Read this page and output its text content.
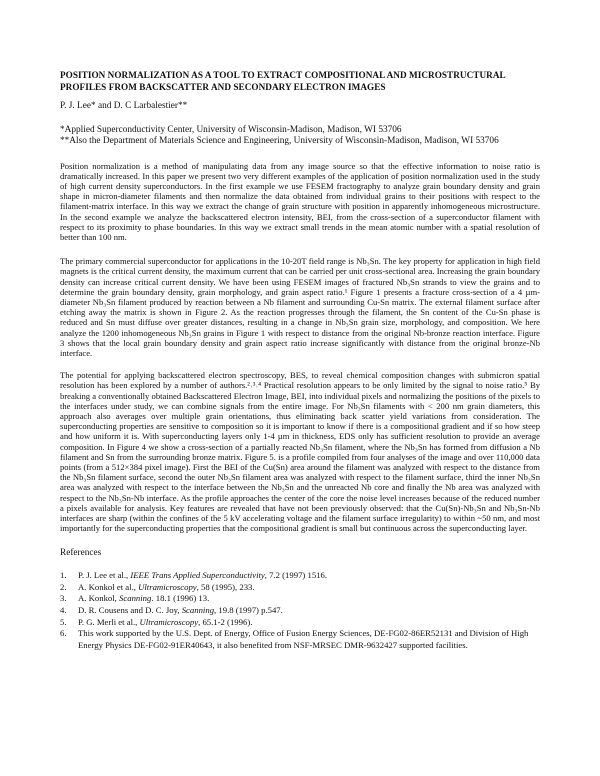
POSITION NORMALIZATION AS A TOOL TO EXTRACT COMPOSITIONAL AND MICROSTRUCTURAL PROFILES FROM BACKSCATTER AND SECONDARY ELECTRON IMAGES
P. J. Lee* and D. C Larbalestier**
*Applied Superconductivity Center, University of Wisconsin-Madison, Madison, WI 53706
**Also the Department of Materials Science and Engineering, University of Wisconsin-Madison, Madison, WI 53706
Position normalization is a method of manipulating data from any image source so that the effective information to noise ratio is dramatically increased. In this paper we present two very different examples of the application of position normalization used in the study of high current density superconductors. In the first example we use FESEM fractography to analyze grain boundary density and grain shape in micron-diameter filaments and then normalize the data obtained from individual grains to their positions with respect to the filament-matrix interface. In this way we extract the change of grain structure with position in apparently inhomogeneous microstructure. In the second example we analyze the backscattered electron intensity, BEI, from the cross-section of a superconductor filament with respect to its proximity to phase boundaries. In this way we extract small trends in the mean atomic number with a spatial resolution of better than 100 nm.

The primary commercial superconductor for applications in the 10-20T field range is Nb₃Sn. The key property for application in high field magnets is the critical current density, the maximum current that can be carried per unit cross-sectional area. Increasing the grain boundary density can increase critical current density. We have been using FESEM images of fractured Nb₃Sn strands to view the grains and to determine the grain boundary density, grain morphology, and grain aspect ratio.¹ Figure 1 presents a fracture cross-section of a 4 µm-diameter Nb₃Sn filament produced by reaction between a Nb filament and surrounding Cu-Sn matrix. The external filament surface after etching away the matrix is shown in Figure 2. As the reaction progresses through the filament, the Sn content of the Cu-Sn phase is reduced and Sn must diffuse over greater distances, resulting in a change in Nb₃Sn grain size, morphology, and composition. We here analyze the 1200 inhomogeneous Nb₃Sn grains in Figure 1 with respect to distance from the original Nb-bronze reaction interface. Figure 3 shows that the local grain boundary density and grain aspect ratio increase significantly with distance from the original bronze-Nb interface.

The potential for applying backscattered electron spectroscopy, BES, to reveal chemical composition changes with submicron spatial resolution has been explored by a number of authors.²˒³˒⁴ Practical resolution appears to be only limited by the signal to noise ratio.⁵ By breaking a conventionally obtained Backscattered Electron Image, BEI, into individual pixels and normalizing the positions of the pixels to the interfaces under study, we can combine signals from the entire image. For Nb₃Sn filaments with < 200 nm grain diameters, this approach also averages over multiple grain orientations, thus eliminating back scatter yield variations from consideration. The superconducting properties are sensitive to composition so it is important to know if there is a compositional gradient and if so how steep and how uniform it is. With superconducting layers only 1-4 µm in thickness, EDS only has sufficient resolution to provide an average composition. In Figure 4 we show a cross-section of a partially reacted Nb₃Sn filament, where the Nb₃Sn has formed from diffusion a Nb filament and Sn from the surrounding bronze matrix. Figure 5. is a profile compiled from four analyses of the image and over 110,000 data points (from a 512×384 pixel image). First the BEI of the Cu(Sn) area around the filament was analyzed with respect to the distance from the Nb₃Sn filament surface, second the outer Nb₃Sn filament area was analyzed with respect to the filament surface, third the inner Nb₃Sn area was analyzed with respect to the interface between the Nb₃Sn and the unreacted Nb core and finally the Nb area was analyzed with respect to the Nb₃Sn-Nb interface. As the profile approaches the center of the core the noise level increases because of the reduced number a pixels available for analysis. Key features are revealed that have not been previously observed: that the Cu(Sn)-Nb₃Sn and Nb₃Sn-Nb interfaces are sharp (within the confines of the 5 kV accelerating voltage and the filament surface irregularity) to within ~50 nm, and most importantly for the superconducting properties that the compositional gradient is small but continuous across the superconducting layer.

References
1. P. J. Lee et al., IEEE Trans Applied Superconductivity, 7.2 (1997) 1516.
2. A. Konkol et al., Ultramicroscopy, 58 (1995), 233.
3. A. Konkol, Scanning. 18.1 (1996) 13.
4. D. R. Cousens and D. C. Joy, Scanning, 19.8 (1997) p.547.
5. P. G. Merli et al., Ultramicroscopy, 65.1-2 (1996).
6. This work supported by the U.S. Dept. of Energy, Office of Fusion Energy Sciences, DE-FG02-86ER52131 and Division of High Energy Physics DE-FG02-91ER40643, it also benefited from NSF-MRSEC DMR-9632427 supported facilities.
